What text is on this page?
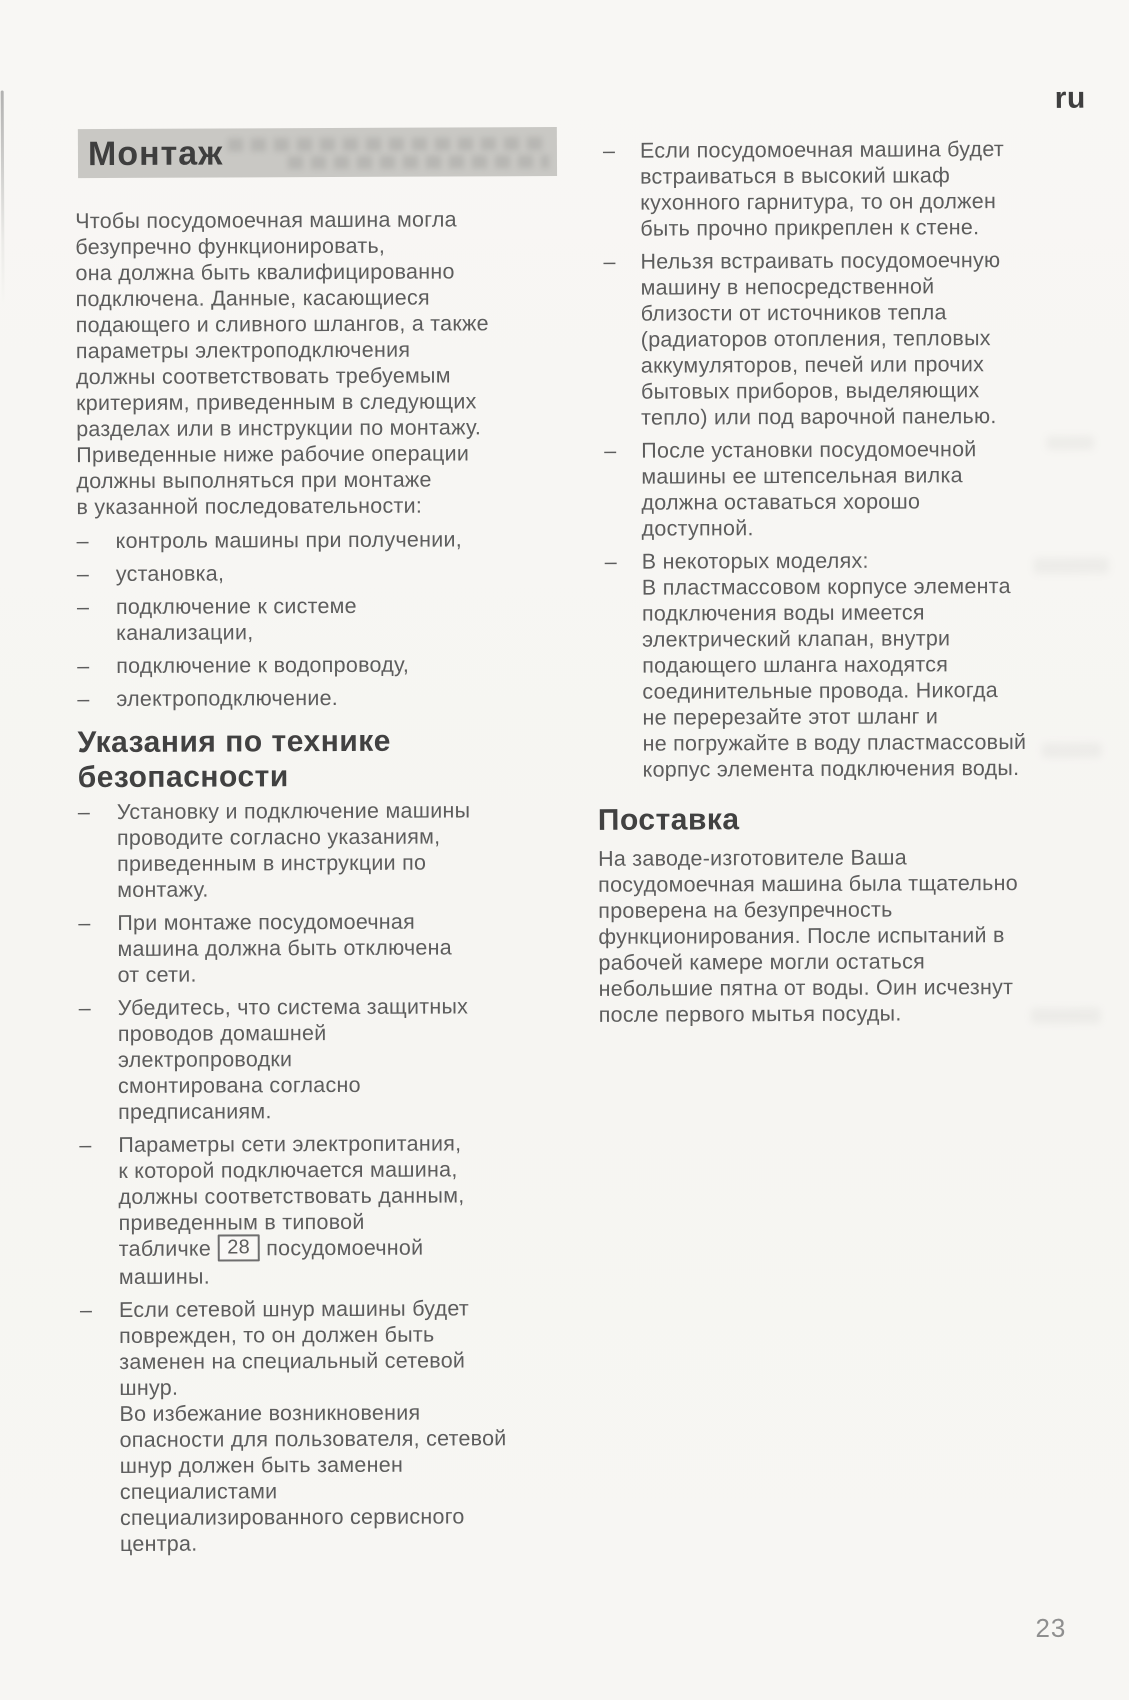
ru
Монтаж

Чтобы посудомоечная машина могла
безупречно функционировать,
она должна быть квалифицированно
подключена. Данные, касающиеся
подающего и сливного шлангов, а также
параметры электроподключения
должны соответствовать требуемым
критериям, приведенным в следующих
разделах или в инструкции по монтажу.
Приведенные ниже рабочие операции
должны выполняться при монтаже
в указанной последовательности:

–	контроль машины при получении,
–	установка,
–	подключение к системе
канализации,
–	подключение к водопроводу,
–	электроподключение.
Указания по технике
безопасности
–	Установку и подключение машины
проводите согласно указаниям,
приведенным в инструкции по
монтажу.
–	При монтаже посудомоечная
машина должна быть отключена
от сети.
–	Убедитесь, что система защитных
проводов домашней
электропроводки
смонтирована согласно
предписаниям.
–	Параметры сети электропитания,
к которой подключается машина,
должны соответствовать данным,
приведенным в типовой
табличке 28 посудомоечной
машины.
–	Если сетевой шнур машины будет
поврежден, то он должен быть
заменен на специальный сетевой
шнур.
Во избежание возникновения
опасности для пользователя, сетевой
шнур должен быть заменен
специалистами
специализированного сервисного
центра.
–	Если посудомоечная машина будет
встраиваться в высокий шкаф
кухонного гарнитура, то он должен
быть прочно прикреплен к стене.
–	Нельзя встраивать посудомоечную
машину в непосредственной
близости от источников тепла
(радиаторов отопления, тепловых
аккумуляторов, печей или прочих
бытовых приборов, выделяющих
тепло) или под варочной панелью.
–	После установки посудомоечной
машины ее штепсельная вилка
должна оставаться хорошо
доступной.
–	В некоторых моделях:
В пластмассовом корпусе элемента
подключения воды имеется
электрический клапан, внутри
подающего шланга находятся
соединительные провода. Никогда
не перерезайте этот шланг и
не погружайте в воду пластмассовый
корпус элемента подключения воды.
Поставка

На заводе-изготовителе Ваша
посудомоечная машина была тщательно
проверена на безупречность
функционирования. После испытаний в
рабочей камере могли остаться
небольшие пятна от воды. Оин исчезнут
после первого мытья посуды.

23
